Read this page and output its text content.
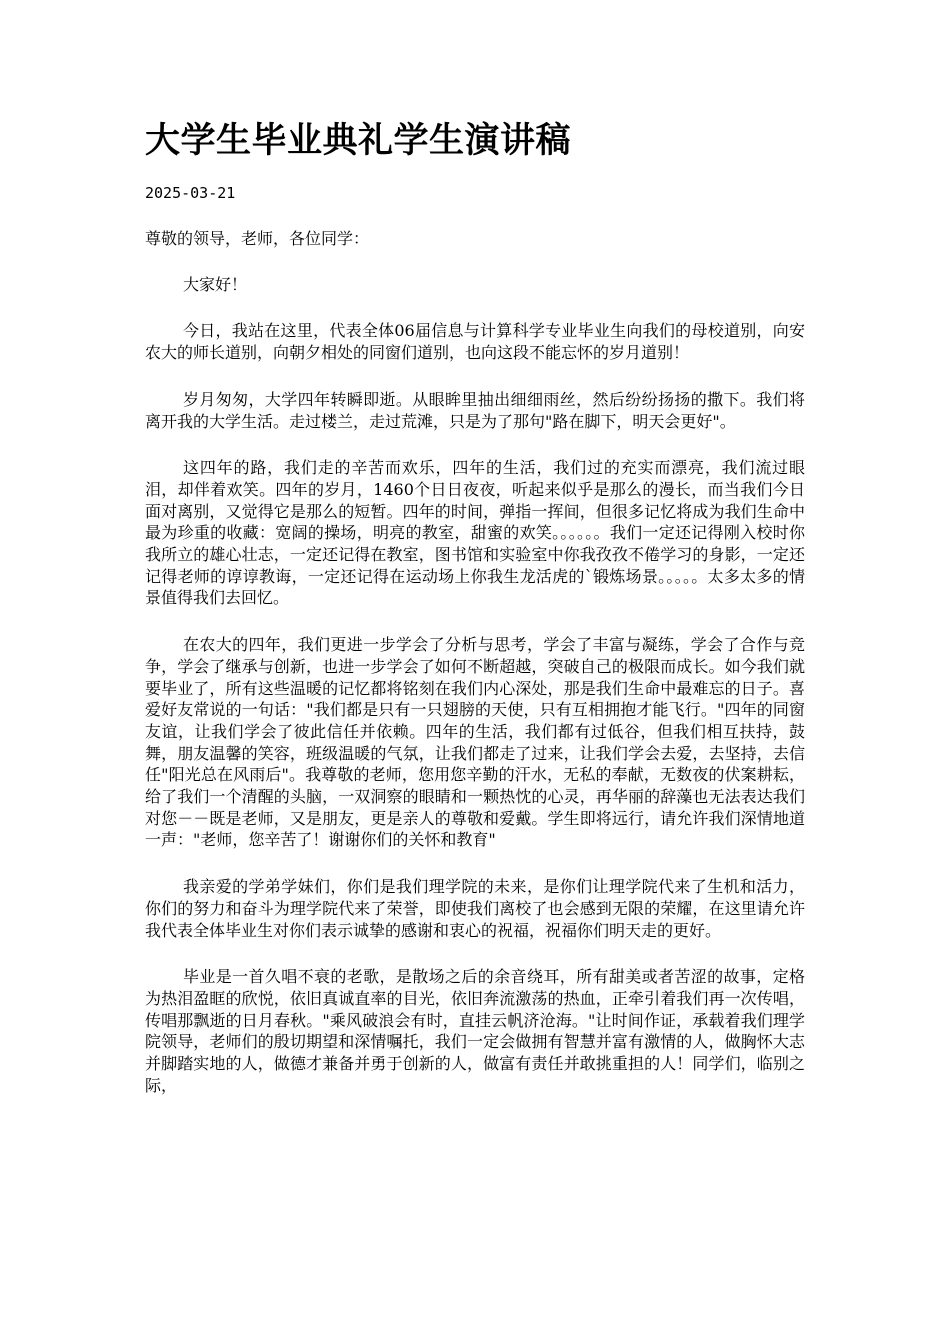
大学生毕业典礼学生演讲稿
2025-03-21

尊敬的领导，老师，各位同学：

大家好！

今日，我站在这里，代表全体06届信息与计算科学专业毕业生向我们的母校道别，向安农大的师长道别，向朝夕相处的同窗们道别，也向这段不能忘怀的岁月道别！

岁月匆匆，大学四年转瞬即逝。从眼眸里抽出细细雨丝，然后纷纷扬扬的撒下。我们将离开我的大学生活。走过楼兰，走过荒滩，只是为了那句"路在脚下，明天会更好"。

这四年的路，我们走的辛苦而欢乐，四年的生活，我们过的充实而漂亮，我们流过眼泪，却伴着欢笑。四年的岁月，1460个日日夜夜，听起来似乎是那么的漫长，而当我们今日面对离别，又觉得它是那么的短暂。四年的时间，弹指一挥间，但很多记忆将成为我们生命中最为珍重的收藏：宽阔的操场，明亮的教室，甜蜜的欢笑。。。。。。我们一定还记得刚入校时你我所立的雄心壮志，一定还记得在教室，图书馆和实验室中你我孜孜不倦学习的身影，一定还记得老师的谆谆教诲，一定还记得在运动场上你我生龙活虎的`锻炼场景。。。。。太多太多的情景值得我们去回忆。

在农大的四年，我们更进一步学会了分析与思考，学会了丰富与凝练，学会了合作与竞争，学会了继承与创新，也进一步学会了如何不断超越，突破自己的极限而成长。如今我们就要毕业了，所有这些温暖的记忆都将铭刻在我们内心深处，那是我们生命中最难忘的日子。喜爱好友常说的一句话："我们都是只有一只翅膀的天使，只有互相拥抱才能飞行。"四年的同窗友谊，让我们学会了彼此信任并依赖。四年的生活，我们都有过低谷，但我们相互扶持，鼓舞，朋友温馨的笑容，班级温暖的气氛，让我们都走了过来，让我们学会去爱，去坚持，去信任"阳光总在风雨后"。我尊敬的老师，您用您辛勤的汗水，无私的奉献，无数夜的伏案耕耘，给了我们一个清醒的头脑，一双洞察的眼睛和一颗热忱的心灵，再华丽的辞藻也无法表达我们对您－－既是老师，又是朋友，更是亲人的尊敬和爱戴。学生即将远行，请允许我们深情地道一声："老师，您辛苦了！谢谢你们的关怀和教育"

我亲爱的学弟学妹们，你们是我们理学院的未来，是你们让理学院代来了生机和活力，你们的努力和奋斗为理学院代来了荣誉，即使我们离校了也会感到无限的荣耀，在这里请允许我代表全体毕业生对你们表示诚挚的感谢和衷心的祝福，祝福你们明天走的更好。

毕业是一首久唱不衰的老歌，是散场之后的余音绕耳，所有甜美或者苦涩的故事，定格为热泪盈眶的欣悦，依旧真诚直率的目光，依旧奔流激荡的热血，正牵引着我们再一次传唱，传唱那飘逝的日月春秋。"乘风破浪会有时，直挂云帆济沧海。"让时间作证，承载着我们理学院领导，老师们的殷切期望和深情嘱托，我们一定会做拥有智慧并富有激情的人，做胸怀大志并脚踏实地的人，做德才兼备并勇于创新的人，做富有责任并敢挑重担的人！同学们，临别之际，
